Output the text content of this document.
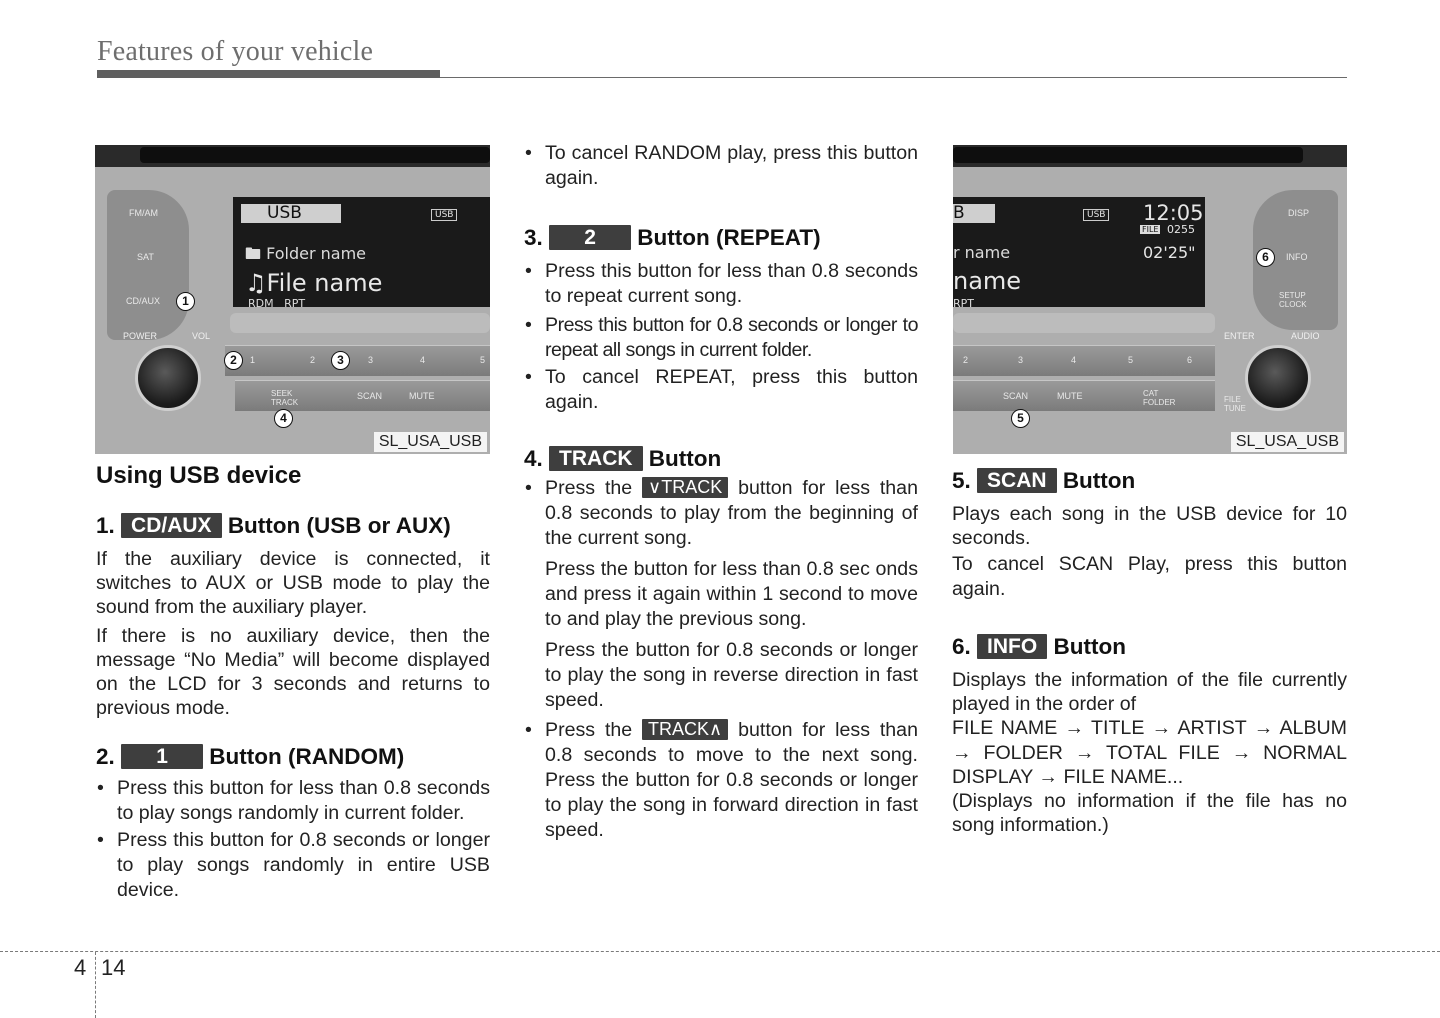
Features of your vehicle
FM/AM
SAT
CD/AUX	1
USB	USB
🖿 Folder name
♫File name
RDM   RPT
POWER	VOL
2	1	2	3	3	4	5
SEEK TRACK
SCAN	MUTE
4
SL_USA_USB
B	USB 12:05
FILE 0255
02'25"
r name
name
RPT
DISP
6	INFO
SETUP CLOCK
ENTER	AUDIO
FILE TUNE
2	3	4	5	6
SCAN	MUTE	CAT FOLDER
5
SL_USA_USB
Using USB device
1. CD/AUX Button (USB or AUX)

If the auxiliary device is connected, it switches to AUX or USB mode to play the sound from the auxiliary player.

If there is no auxiliary device, then the message “No Media” will become displayed on the LCD for 3 seconds and returns to previous mode.

2. 1 Button (RANDOM)
• Press this button for less than 0.8 seconds to play songs randomly in current folder.
• Press this button for 0.8 seconds or longer to play songs randomly in entire USB device.
• To cancel RANDOM play, press this button again.
3. 2 Button (REPEAT)
• Press this button for less than 0.8 seconds to repeat current song.
• Press this button for 0.8 seconds or longer to repeat all songs in current folder.
• To cancel REPEAT, press this button again.
4. TRACK Button
• Press the ∨TRACK button for less than 0.8 seconds to play from the beginning of the current song.
Press the button for less than 0.8 sec onds and press it again within 1 second to move to and play the previous song.
Press the button for 0.8 seconds or longer to play the song in reverse direction in fast speed.
• Press the TRACK∧ button for less than 0.8 seconds to move to the next song. Press the button for 0.8 seconds or longer to play the song in forward direction in fast speed.
5. SCAN Button

Plays each song in the USB device for 10 seconds.

To cancel SCAN Play, press this button again.

6. INFO Button

Displays the information of the file currently played in the order of

FILE NAME → TITLE → ARTIST → ALBUM → FOLDER → TOTAL FILE → NORMAL DISPLAY → FILE NAME...

(Displays no information if the file has no song information.)

4 14
